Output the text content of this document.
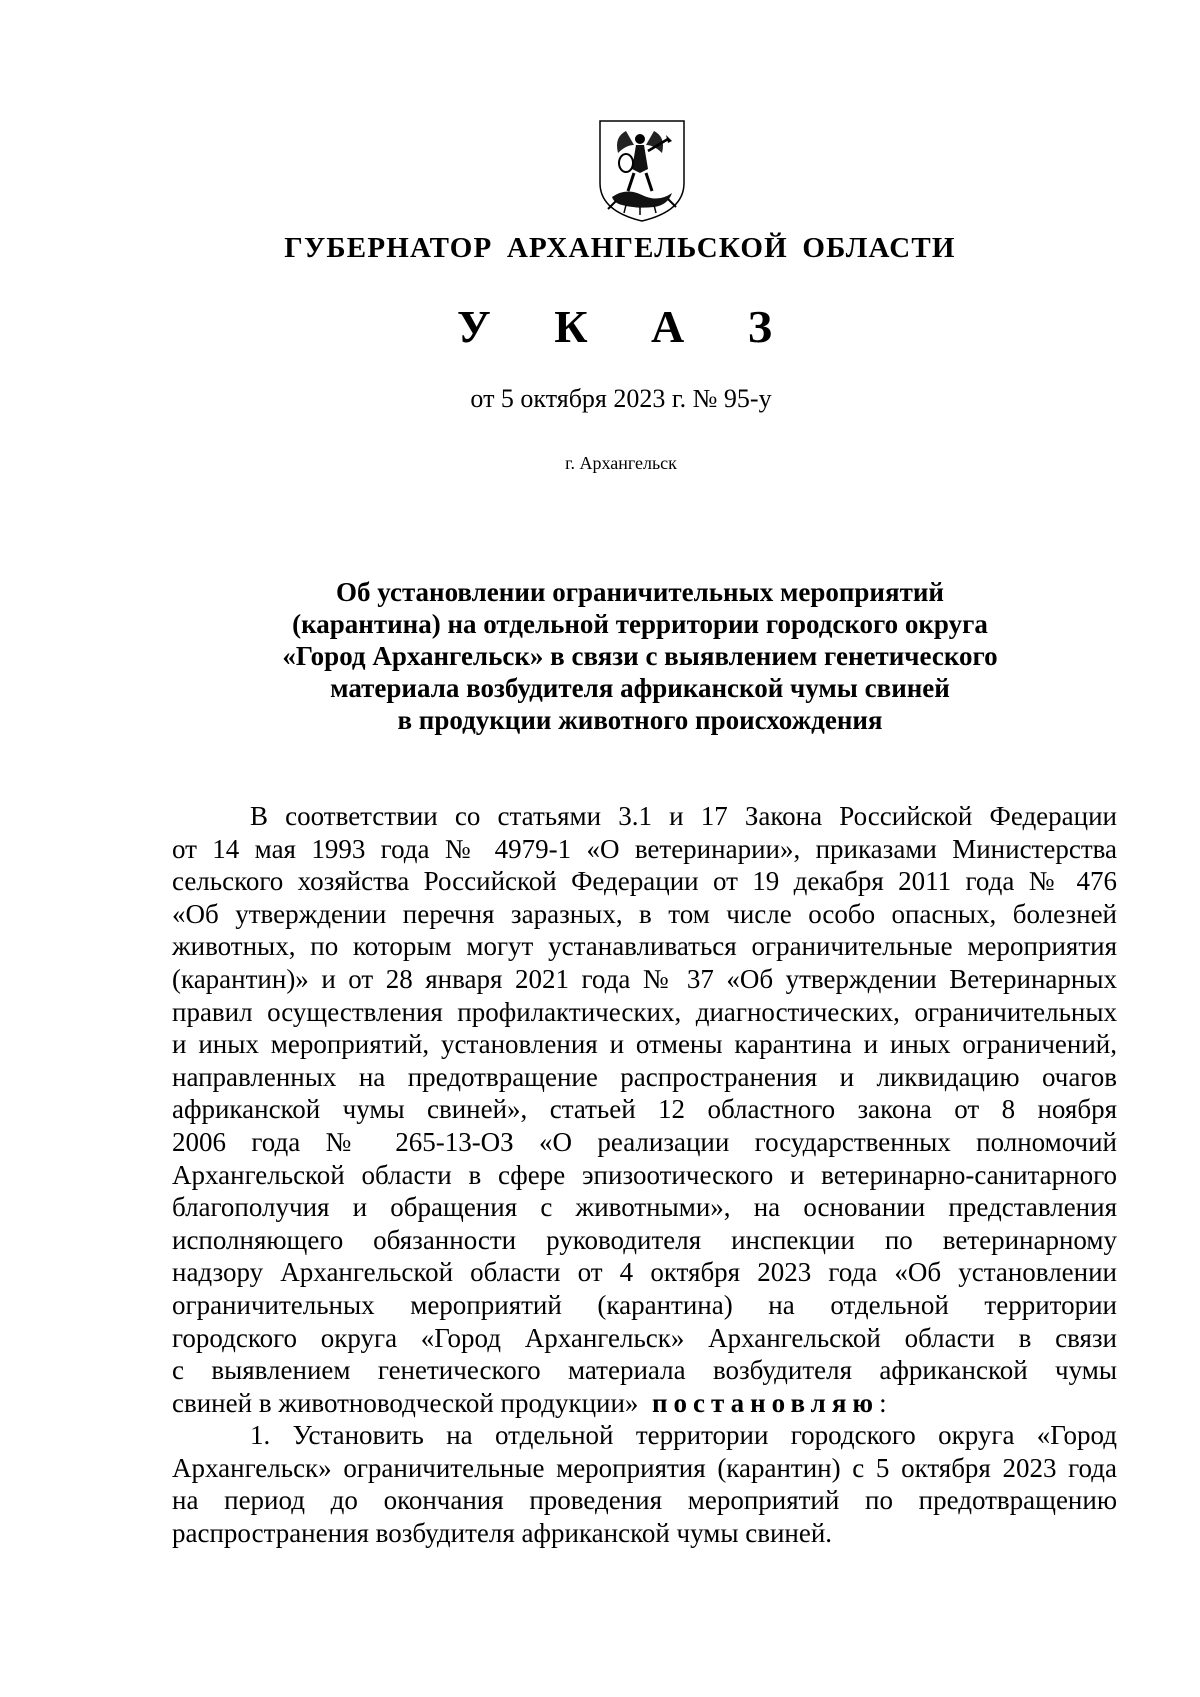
ГУБЕРНАТОР АРХАНГЕЛЬСКОЙ ОБЛАСТИ
У К А З
от 5 октября 2023 г. № 95-у
г. Архангельск
Об установлении ограничительных мероприятий
(карантина) на отдельной территории городского округа
«Город Архангельск» в связи с выявлением генетического
материала возбудителя африканской чумы свиней
в продукции животного происхождения
В соответствии со статьями 3.1 и 17 Закона Российской Федерации
от 14 мая 1993 года № 4979-1 «О ветеринарии», приказами Министерства
сельского хозяйства Российской Федерации от 19 декабря 2011 года № 476
«Об утверждении перечня заразных, в том числе особо опасных, болезней
животных, по которым могут устанавливаться ограничительные мероприятия
(карантин)» и от 28 января 2021 года № 37 «Об утверждении Ветеринарных
правил осуществления профилактических, диагностических, ограничительных
и иных мероприятий, установления и отмены карантина и иных ограничений,
направленных на предотвращение распространения и ликвидацию очагов
африканской чумы свиней», статьей 12 областного закона от 8 ноября
2006 года № 265-13-ОЗ «О реализации государственных полномочий
Архангельской области в сфере эпизоотического и ветеринарно-санитарного
благополучия и обращения с животными», на основании представления
исполняющего обязанности руководителя инспекции по ветеринарному
надзору Архангельской области от 4 октября 2023 года «Об установлении
ограничительных мероприятий (карантина) на отдельной территории
городского округа «Город Архангельск» Архангельской области в связи
с выявлением генетического материала возбудителя африканской чумы
свиней в животноводческой продукции» постановляю:
1. Установить на отдельной территории городского округа «Город
Архангельск» ограничительные мероприятия (карантин) с 5 октября 2023 года
на период до окончания проведения мероприятий по предотвращению
распространения возбудителя африканской чумы свиней.
